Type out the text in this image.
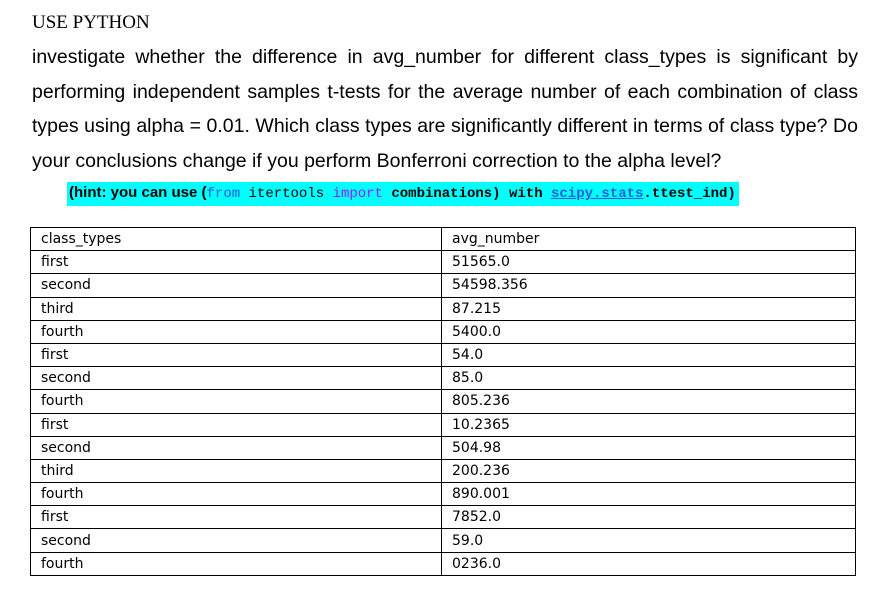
USE PYTHON
investigate whether the difference in avg_number for different class_types is significant by performing independent samples t-tests for the average number of each combination of class types using alpha = 0.01. Which class types are significantly different in terms of class type? Do your conclusions change if you perform Bonferroni correction to the alpha level?
(hint: you can use (from itertools import combinations) with scipy.stats.ttest_ind)
class_types	avg_number
first	51565.0
second	54598.356
third	87.215
fourth	5400.0
first	54.0
second	85.0
fourth	805.236
first	10.2365
second	504.98
third	200.236
fourth	890.001
first	7852.0
second	59.0
fourth	0236.0
